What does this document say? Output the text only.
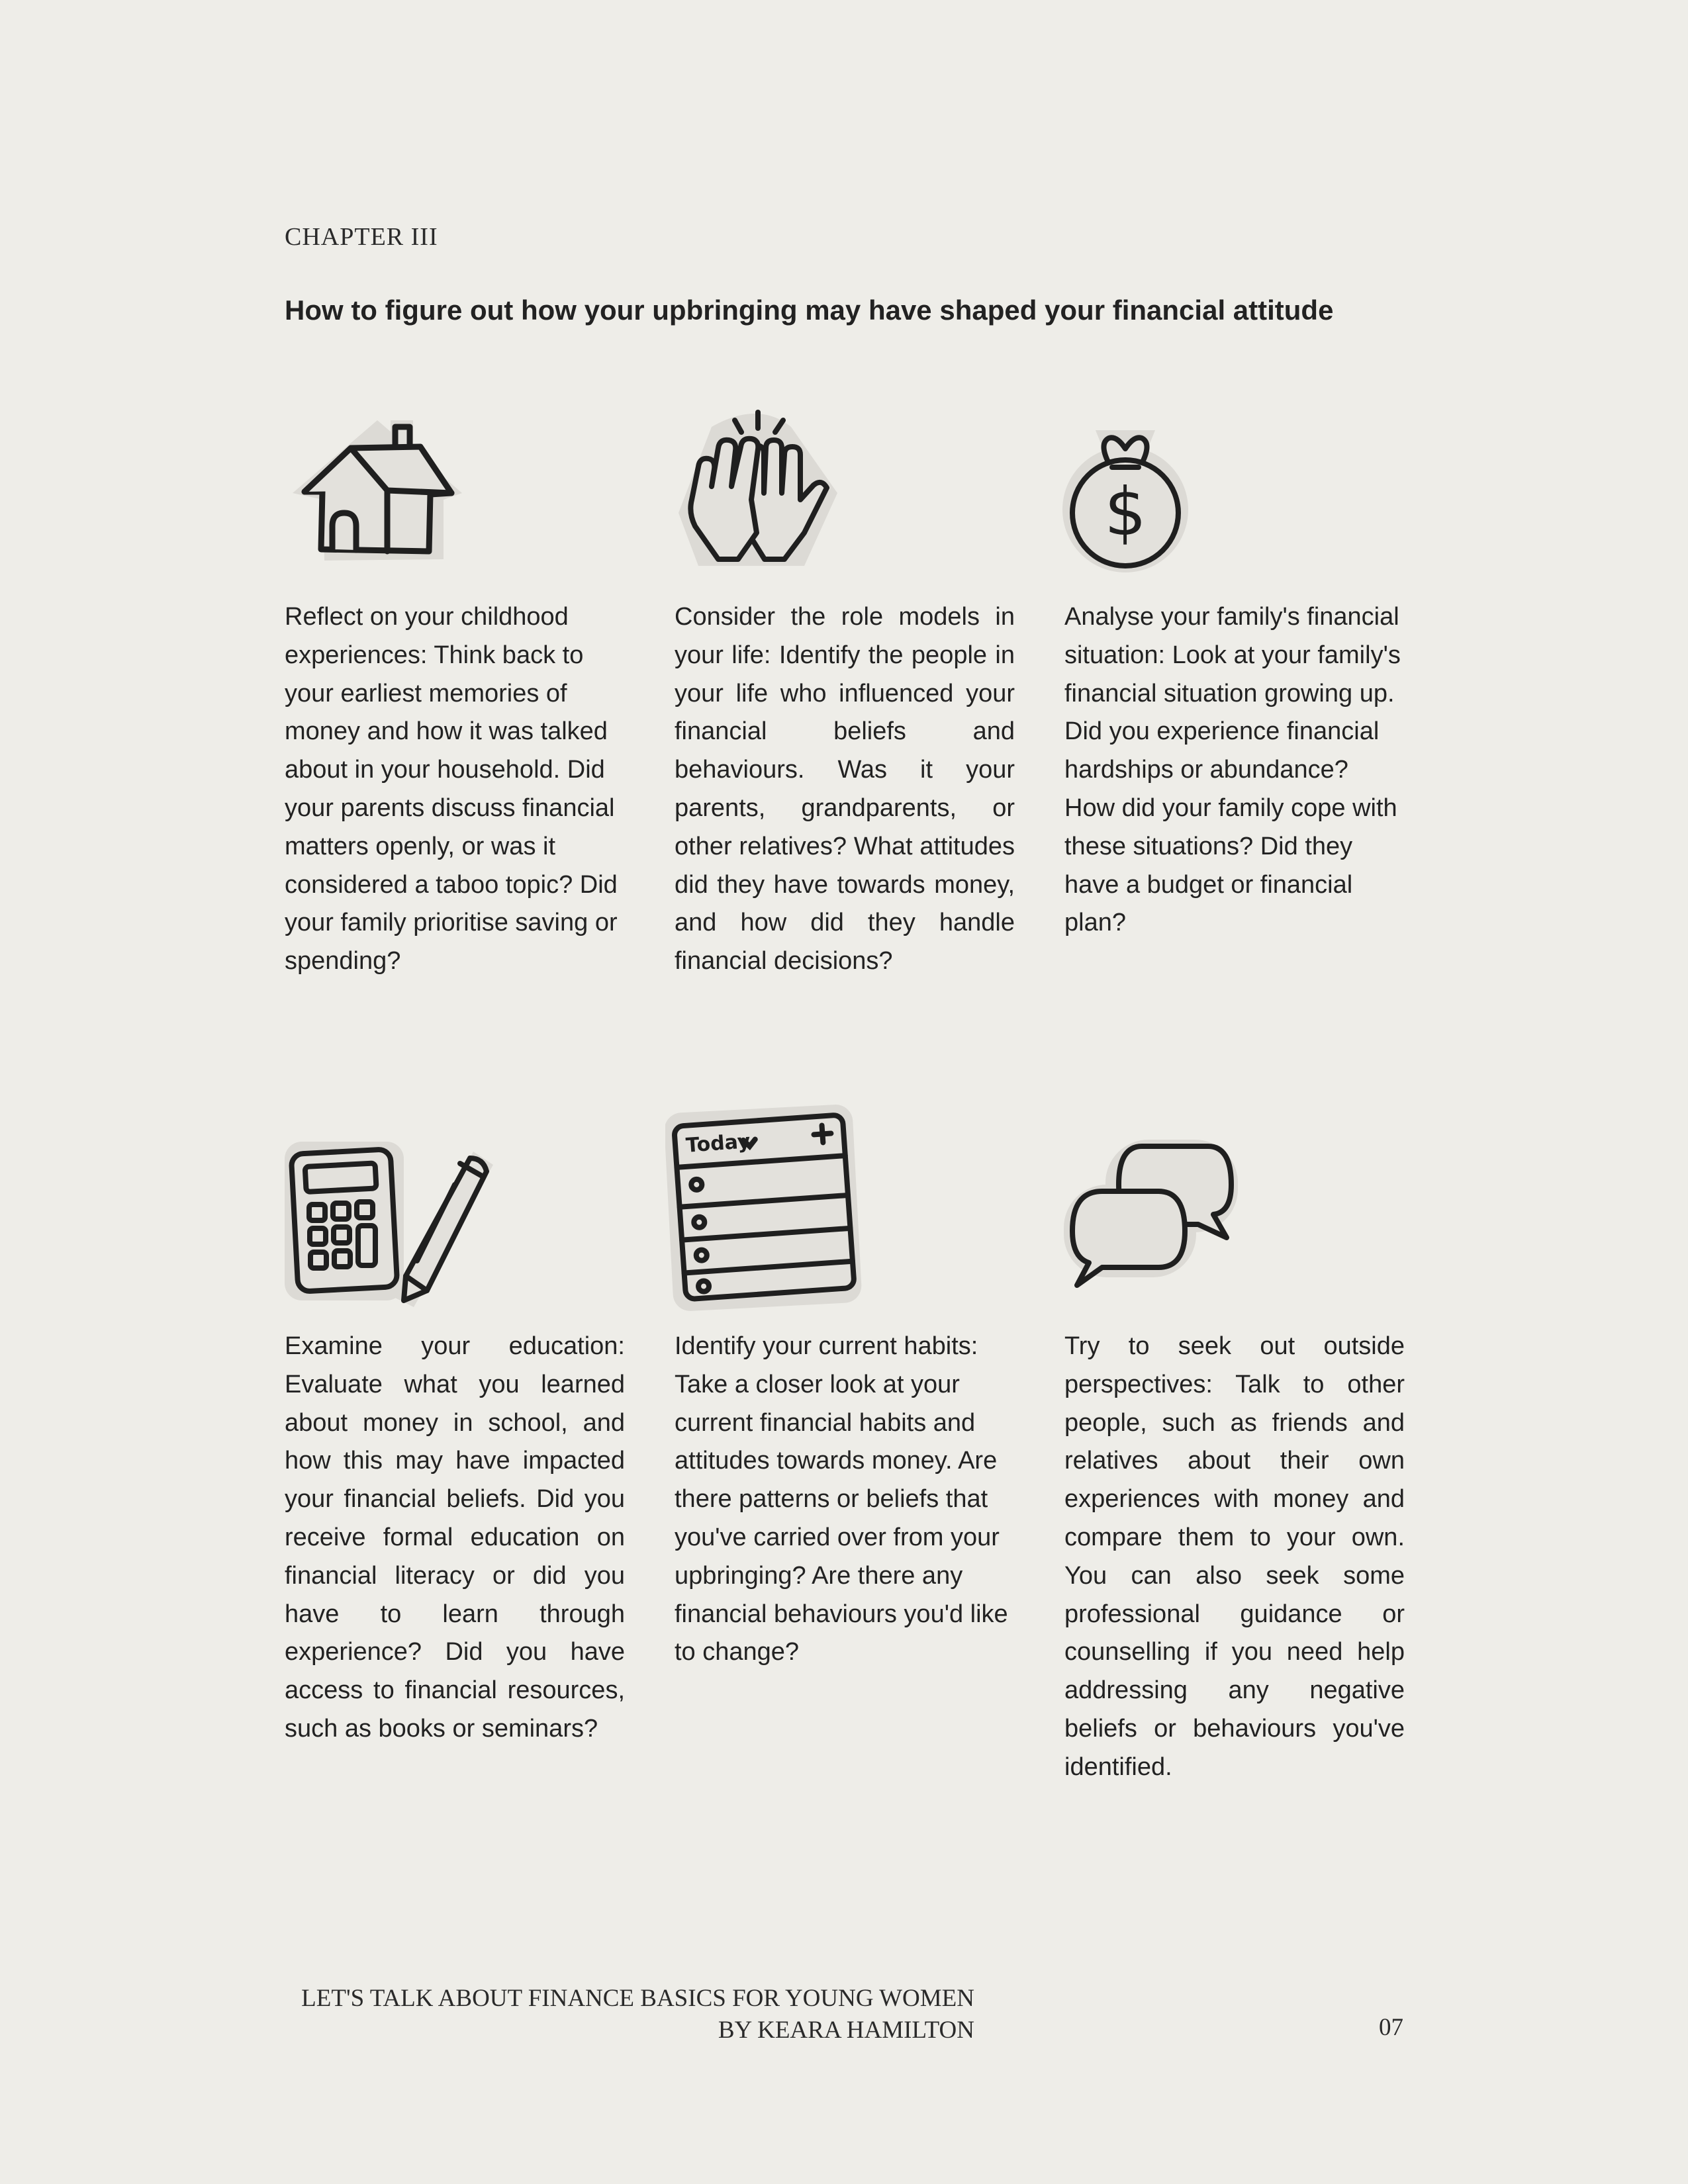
CHAPTER III
How to figure out how your upbringing may have shaped your financial attitude
$
Reflect on your childhood experiences: Think back to your earliest memories of money and how it was talked about in your household. Did your parents discuss financial matters openly, or was it considered a taboo topic? Did your family prioritise saving or spending?
Consider the role models in your life: Identify the people in your life who influenced your financial beliefs and behaviours. Was it your parents, grandparents, or other relatives? What attitudes did they have towards money, and how did they handle financial decisions?
Analyse your family's financial situation: Look at your family's financial situation growing up. Did you experience financial hardships or abundance? How did your family cope with these situations? Did they have a budget or financial plan?
Today
Examine your education: Evaluate what you learned about money in school, and how this may have impacted your financial beliefs. Did you receive formal education on financial literacy or did you have to learn through experience? Did you have access to financial resources, such as books or seminars?
Identify your current habits: Take a closer look at your current financial habits and attitudes towards money. Are there patterns or beliefs that you've carried over from your upbringing? Are there any financial behaviours you'd like to change?
Try to seek out outside perspectives: Talk to other people, such as friends and relatives about their own experiences with money and compare them to your own. You can also seek some professional guidance or counselling if you need help addressing any negative beliefs or behaviours you've identified.
LET'S TALK ABOUT FINANCE BASICS FOR YOUNG WOMEN
BY KEARA HAMILTON	07
